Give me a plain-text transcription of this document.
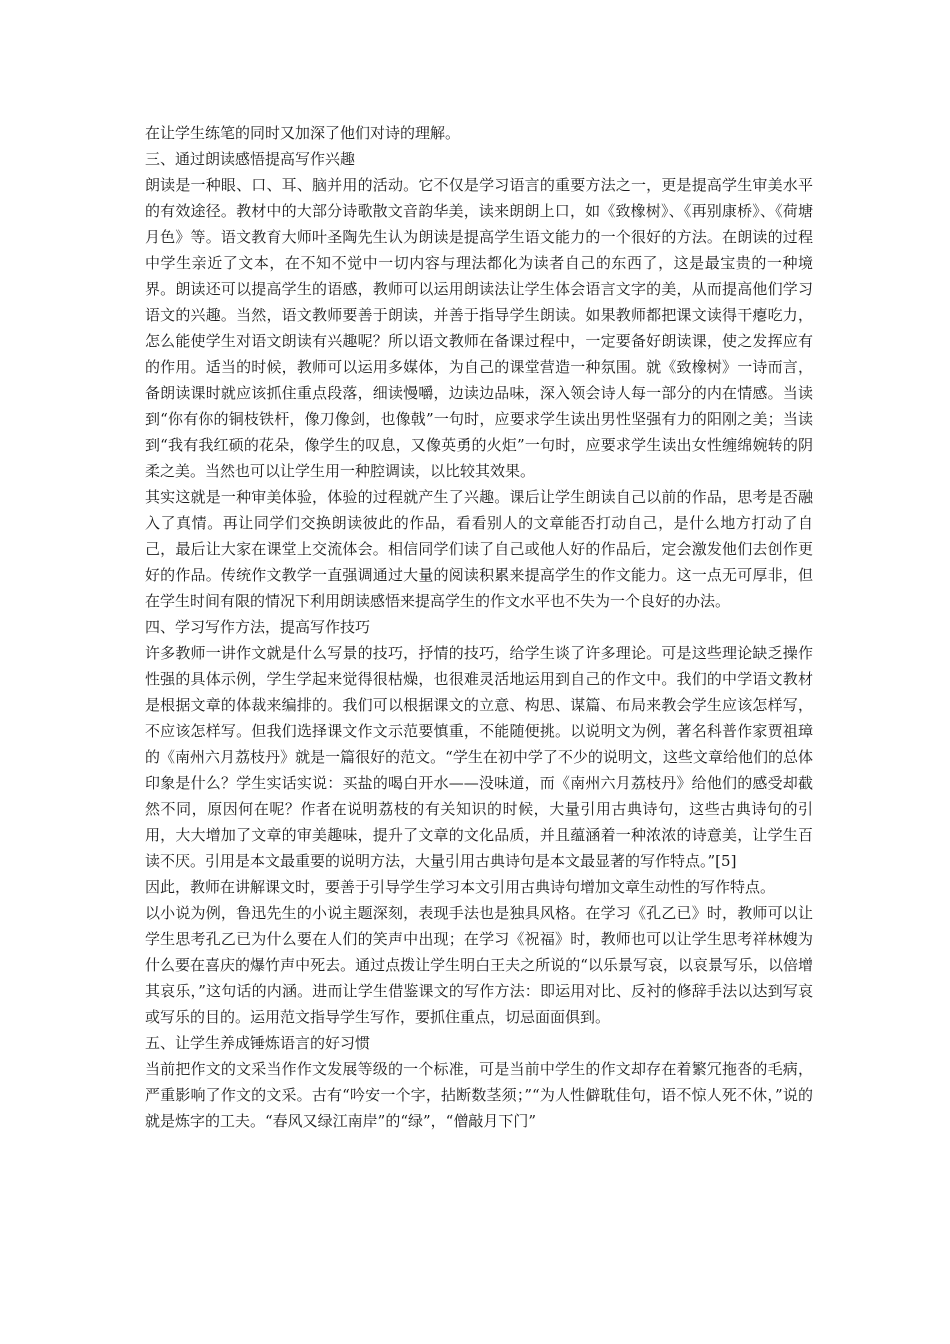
在让学生练笔的同时又加深了他们对诗的理解。

三、通过朗读感悟提高写作兴趣

朗读是一种眼、口、耳、脑并用的活动。它不仅是学习语言的重要方法之一，更是提高学生审美水平的有效途径。教材中的大部分诗歌散文音韵华美，读来朗朗上口，如《致橡树》、《再别康桥》、《荷塘月色》等。语文教育大师叶圣陶先生认为朗读是提高学生语文能力的一个很好的方法。在朗读的过程中学生亲近了文本，在不知不觉中一切内容与理法都化为读者自己的东西了，这是最宝贵的一种境界。朗读还可以提高学生的语感，教师可以运用朗读法让学生体会语言文字的美，从而提高他们学习语文的兴趣。当然，语文教师要善于朗读，并善于指导学生朗读。如果教师都把课文读得干瘪吃力，怎么能使学生对语文朗读有兴趣呢？所以语文教师在备课过程中，一定要备好朗读课，使之发挥应有的作用。适当的时候，教师可以运用多媒体，为自己的课堂营造一种氛围。就《致橡树》一诗而言，备朗读课时就应该抓住重点段落，细读慢嚼，边读边品味，深入领会诗人每一部分的内在情感。当读到“你有你的铜枝铁杆，像刀像剑，也像戟”一句时，应要求学生读出男性坚强有力的阳刚之美；当读到“我有我红硕的花朵，像学生的叹息，又像英勇的火炬”一句时，应要求学生读出女性缠绵婉转的阴柔之美。当然也可以让学生用一种腔调读，以比较其效果。

其实这就是一种审美体验，体验的过程就产生了兴趣。课后让学生朗读自己以前的作品，思考是否融入了真情。再让同学们交换朗读彼此的作品，看看别人的文章能否打动自己，是什么地方打动了自己，最后让大家在课堂上交流体会。相信同学们读了自己或他人好的作品后，定会激发他们去创作更好的作品。传统作文教学一直强调通过大量的阅读积累来提高学生的作文能力。这一点无可厚非，但在学生时间有限的情况下利用朗读感悟来提高学生的作文水平也不失为一个良好的办法。

四、学习写作方法，提高写作技巧

许多教师一讲作文就是什么写景的技巧，抒情的技巧，给学生谈了许多理论。可是这些理论缺乏操作性强的具体示例，学生学起来觉得很枯燥，也很难灵活地运用到自己的作文中。我们的中学语文教材是根据文章的体裁来编排的。我们可以根据课文的立意、构思、谋篇、布局来教会学生应该怎样写，不应该怎样写。但我们选择课文作文示范要慎重，不能随便挑。以说明文为例，著名科普作家贾祖璋的《南州六月荔枝丹》就是一篇很好的范文。“学生在初中学了不少的说明文，这些文章给他们的总体印象是什么？学生实话实说：买盐的喝白开水——没味道，而《南州六月荔枝丹》给他们的感受却截然不同，原因何在呢？作者在说明荔枝的有关知识的时候，大量引用古典诗句，这些古典诗句的引用，大大增加了文章的审美趣味，提升了文章的文化品质，并且蕴涵着一种浓浓的诗意美，让学生百读不厌。引用是本文最重要的说明方法，大量引用古典诗句是本文最显著的写作特点。”[5]

因此，教师在讲解课文时，要善于引导学生学习本文引用古典诗句增加文章生动性的写作特点。

以小说为例，鲁迅先生的小说主题深刻，表现手法也是独具风格。在学习《孔乙已》时，教师可以让学生思考孔乙已为什么要在人们的笑声中出现；在学习《祝福》时，教师也可以让学生思考祥林嫂为什么要在喜庆的爆竹声中死去。通过点拨让学生明白王夫之所说的“以乐景写哀，以哀景写乐，以倍增其哀乐，”这句话的内涵。进而让学生借鉴课文的写作方法：即运用对比、反衬的修辞手法以达到写哀或写乐的目的。运用范文指导学生写作，要抓住重点，切忌面面俱到。

五、让学生养成锤炼语言的好习惯

当前把作文的文采当作作文发展等级的一个标准，可是当前中学生的作文却存在着繁冗拖沓的毛病，严重影响了作文的文采。古有“吟安一个字，拈断数茎须；”“为人性僻耽佳句，语不惊人死不休，”说的就是炼字的工夫。“春风又绿江南岸”的“绿”，“僧敲月下门”
